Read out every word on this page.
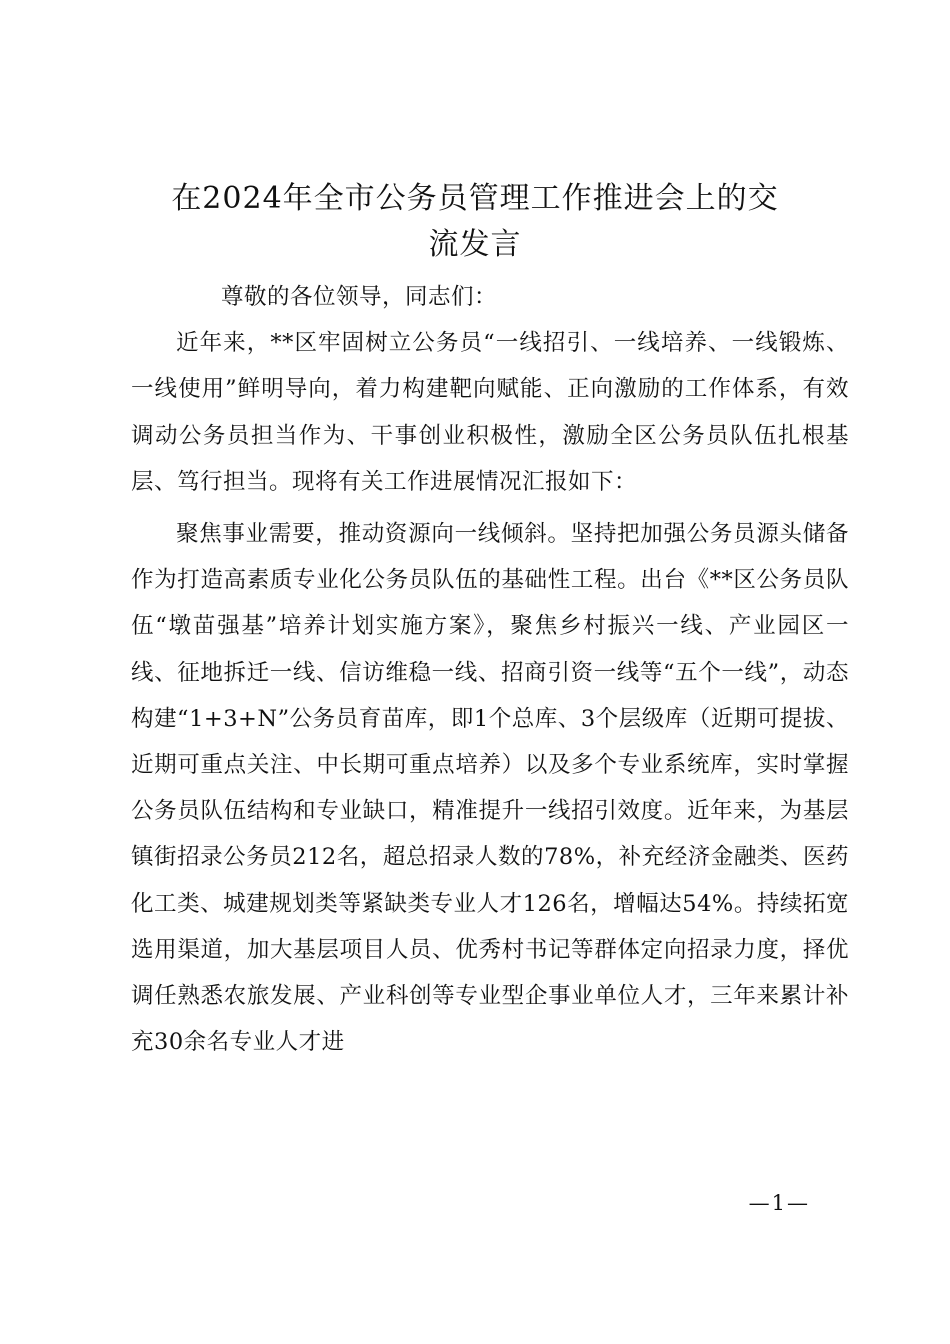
在2024年全市公务员管理工作推进会上的交
流发言

尊敬的各位领导，同志们：

近年来，**区牢固树立公务员“一线招引、一线培养、一线锻炼、一线使用”鲜明导向，着力构建靶向赋能、正向激励的工作体系，有效调动公务员担当作为、干事创业积极性，激励全区公务员队伍扎根基层、笃行担当。现将有关工作进展情况汇报如下：

聚焦事业需要，推动资源向一线倾斜。坚持把加强公务员源头储备作为打造高素质专业化公务员队伍的基础性工程。出台《**区公务员队伍“墩苗强基”培养计划实施方案》，聚焦乡村振兴一线、产业园区一线、征地拆迁一线、信访维稳一线、招商引资一线等“五个一线”，动态构建“1+3+N”公务员育苗库，即1个总库、3个层级库（近期可提拔、近期可重点关注、中长期可重点培养）以及多个专业系统库，实时掌握公务员队伍结构和专业缺口，精准提升一线招引效度。近年来，为基层镇街招录公务员212名，超总招录人数的78%，补充经济金融类、医药化工类、城建规划类等紧缺类专业人才126名，增幅达54%。持续拓宽选用渠道，加大基层项目人员、优秀村书记等群体定向招录力度，择优调任熟悉农旅发展、产业科创等专业型企事业单位人才，三年来累计补充30余名专业人才进

—1—
